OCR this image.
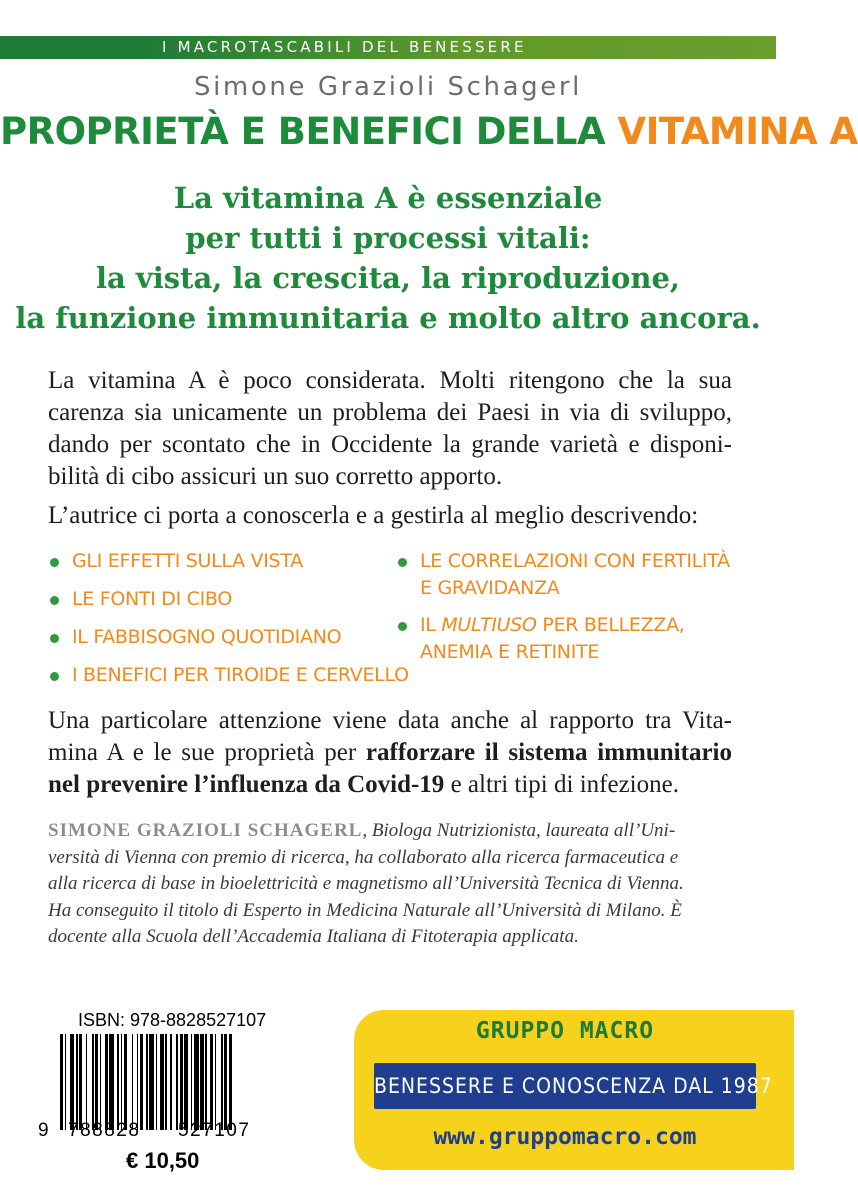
I MACROTASCABILI DEL BENESSERE
Simone Grazioli Schagerl
PROPRIETÀ E BENEFICI DELLA VITAMINA A
La vitamina A è essenziale
per tutti i processi vitali:
la vista, la crescita, la riproduzione,
la funzione immunitaria e molto altro ancora.
La vitamina A è poco considerata. Molti ritengono che la sua
carenza sia unicamente un problema dei Paesi in via di sviluppo,
dando per scontato che in Occidente la grande varietà e disponi-
bilità di cibo assicuri un suo corretto apporto.
L’autrice ci porta a conoscerla e a gestirla al meglio descrivendo:
GLI EFFETTI SULLA VISTA
LE FONTI DI CIBO
IL FABBISOGNO QUOTIDIANO
I BENEFICI PER TIROIDE E CERVELLO
LE CORRELAZIONI CON FERTILITÀ
E GRAVIDANZA
IL MULTIUSO PER BELLEZZA,
ANEMIA E RETINITE
Una particolare attenzione viene data anche al rapporto tra Vita-
mina A e le sue proprietà per rafforzare il sistema immunitario
nel prevenire l’influenza da Covid-19 e altri tipi di infezione.
SIMONE GRAZIOLI SCHAGERL, Biologa Nutrizionista, laureata all’Uni-
versità di Vienna con premio di ricerca, ha collaborato alla ricerca farmaceutica e
alla ricerca di base in bioelettricità e magnetismo all’Università Tecnica di Vienna.
Ha conseguito il titolo di Esperto in Medicina Naturale all’Università di Milano. È
docente alla Scuola dell’Accademia Italiana di Fitoterapia applicata.
ISBN: 978-8828527107
9 788828 527107
€ 10,50
GRUPPO MACRO
BENESSERE E CONOSCENZA DAL 1987
www.gruppomacro.com
